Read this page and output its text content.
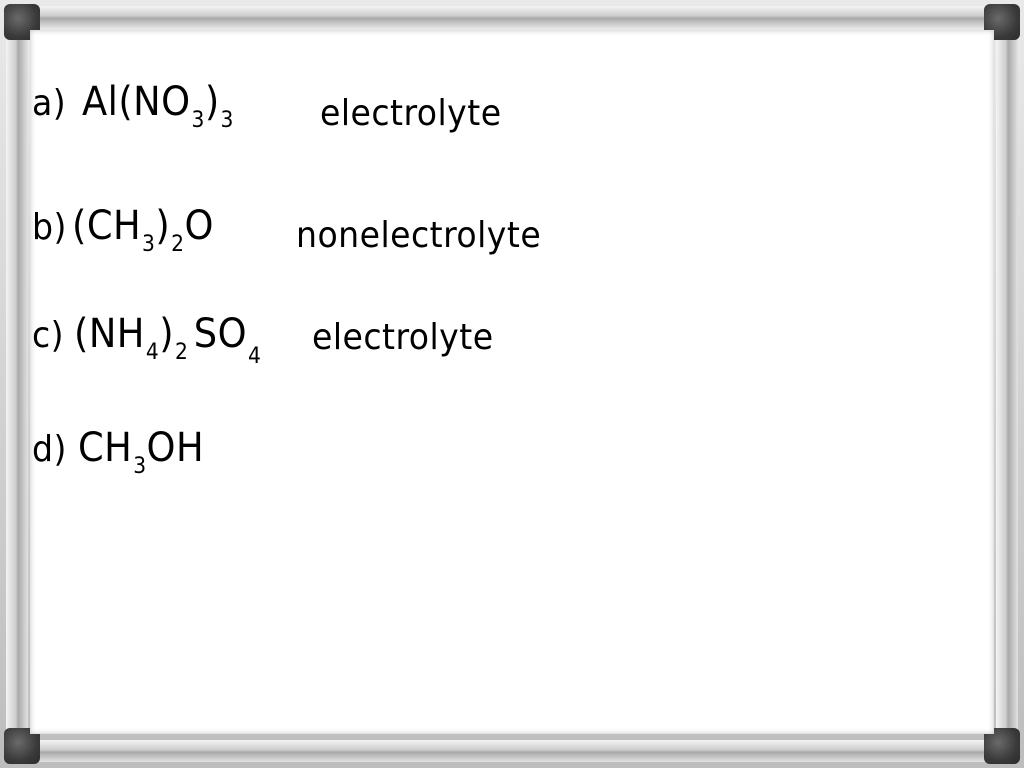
a) $Al(NO_3)_3$ electrolyte
b) $(CH_3)_2O$ nonelectrolyte
c) $(NH_4)_2$ $SO_4$ electrolyte
d) $CH_3OH$
